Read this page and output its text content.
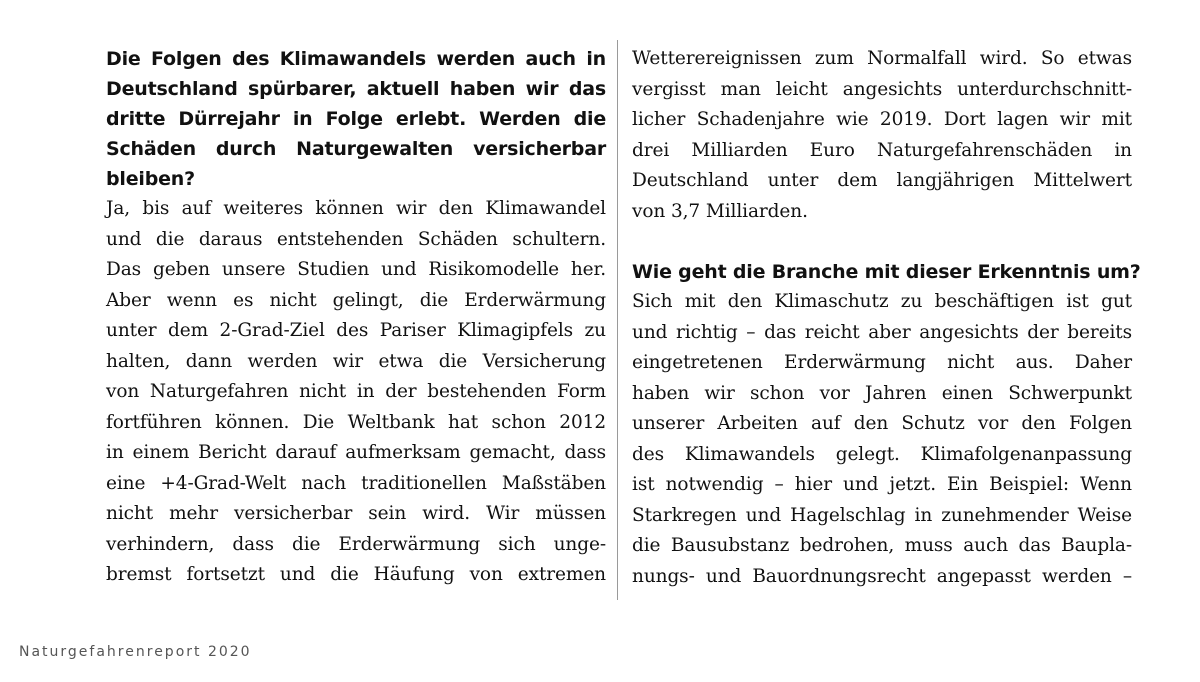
Die Folgen des Klimawandels werden auch in
Deutschland spürbarer, aktuell haben wir das
dritte Dürrejahr in Folge erlebt. Werden die
Schäden durch Naturgewalten versicherbar
bleiben?

Ja, bis auf weiteres können wir den Klimawandel
und die daraus entstehenden Schäden schultern.
Das geben unsere Studien und Risikomodelle her.
Aber wenn es nicht gelingt, die Erderwärmung
unter dem 2-Grad-Ziel des Pariser Klimagipfels zu
halten, dann werden wir etwa die Versicherung
von Naturgefahren nicht in der bestehenden Form
fortführen können. Die Weltbank hat schon 2012
in einem Bericht darauf aufmerksam gemacht, dass
eine +4-Grad-Welt nach traditionellen Maßstäben
nicht mehr versicherbar sein wird. Wir müssen
verhindern, dass die Erderwärmung sich unge-
bremst fortsetzt und die Häufung von extremen

Wetterereignissen zum Normalfall wird. So etwas
vergisst man leicht angesichts unterdurchschnitt-
licher Schadenjahre wie 2019. Dort lagen wir mit
drei Milliarden Euro Naturgefahrenschäden in
Deutschland unter dem langjährigen Mittelwert
von 3,7 Milliarden.

Wie geht die Branche mit dieser Erkenntnis um?

Sich mit den Klimaschutz zu beschäftigen ist gut
und richtig – das reicht aber angesichts der bereits
eingetretenen Erderwärmung nicht aus. Daher
haben wir schon vor Jahren einen Schwerpunkt
unserer Arbeiten auf den Schutz vor den Folgen
des Klimawandels gelegt. Klimafolgenanpassung
ist notwendig – hier und jetzt. Ein Beispiel: Wenn
Starkregen und Hagelschlag in zunehmender Weise
die Bausubstanz bedrohen, muss auch das Baupla-
nungs- und Bauordnungsrecht angepasst werden –

Naturgefahrenreport 2020
